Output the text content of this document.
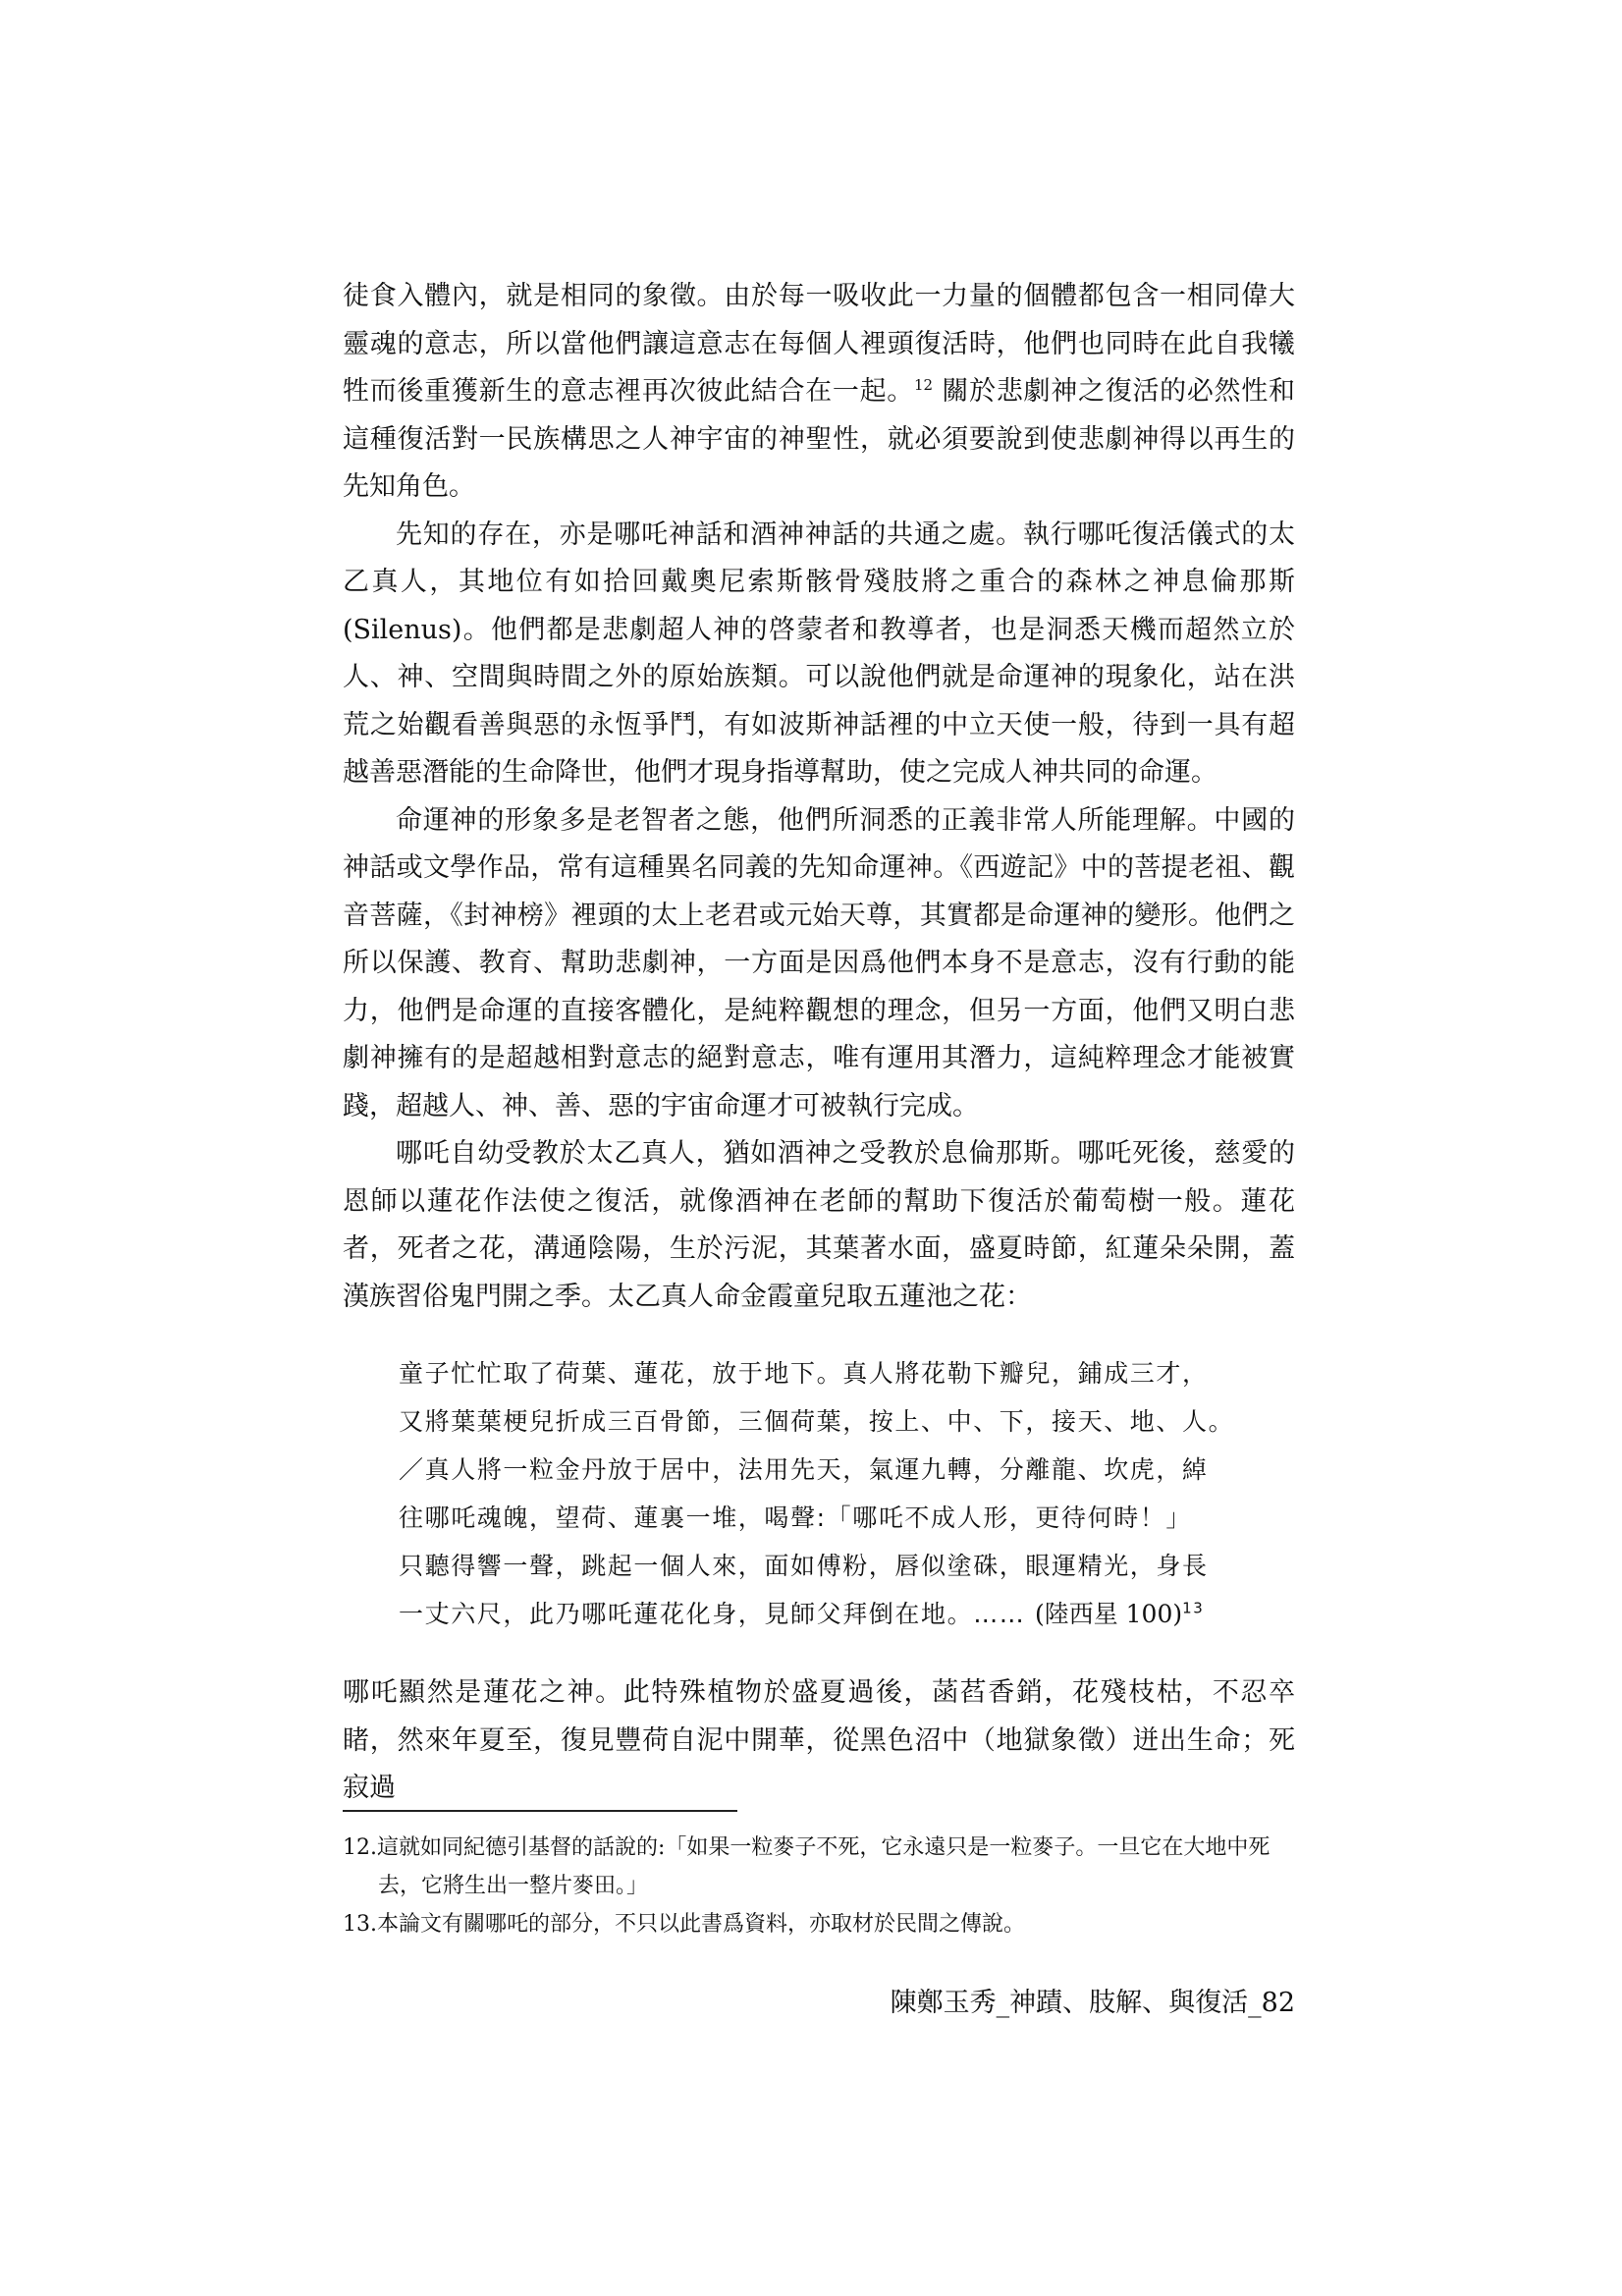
徒食入體內，就是相同的象徵。由於每一吸收此一力量的個體都包含一相同偉大靈魂的意志，所以當他們讓這意志在每個人裡頭復活時，他們也同時在此自我犧牲而後重獲新生的意志裡再次彼此結合在一起。$^{12}$ 關於悲劇神之復活的必然性和這種復活對一民族構思之人神宇宙的神聖性，就必須要說到使悲劇神得以再生的先知角色。

先知的存在，亦是哪吒神話和酒神神話的共通之處。執行哪吒復活儀式的太乙真人，其地位有如拾回戴奧尼索斯骸骨殘肢將之重合的森林之神息倫那斯(Silenus)。他們都是悲劇超人神的啓蒙者和教導者，也是洞悉天機而超然立於人、神、空間與時間之外的原始族類。可以說他們就是命運神的現象化，站在洪荒之始觀看善與惡的永恆爭鬥，有如波斯神話裡的中立天使一般，待到一具有超越善惡潛能的生命降世，他們才現身指導幫助，使之完成人神共同的命運。

命運神的形象多是老智者之態，他們所洞悉的正義非常人所能理解。中國的神話或文學作品，常有這種異名同義的先知命運神。《西遊記》中的菩提老祖、觀音菩薩，《封神榜》裡頭的太上老君或元始天尊，其實都是命運神的變形。他們之所以保護、教育、幫助悲劇神，一方面是因爲他們本身不是意志，沒有行動的能力，他們是命運的直接客體化，是純粹觀想的理念，但另一方面，他們又明白悲劇神擁有的是超越相對意志的絕對意志，唯有運用其潛力，這純粹理念才能被實踐，超越人、神、善、惡的宇宙命運才可被執行完成。

哪吒自幼受教於太乙真人，猶如酒神之受教於息倫那斯。哪吒死後，慈愛的恩師以蓮花作法使之復活，就像酒神在老師的幫助下復活於葡萄樹一般。蓮花者，死者之花，溝通陰陽，生於污泥，其葉著水面，盛夏時節，紅蓮朵朵開，蓋漢族習俗鬼門開之季。太乙真人命金霞童兒取五蓮池之花：

童子忙忙取了荷葉、蓮花，放于地下。真人將花勒下瓣兒，鋪成三才，
又將葉葉梗兒折成三百骨節，三個荷葉，按上、中、下，接天、地、人。
／真人將一粒金丹放于居中，法用先天，氣運九轉，分離龍、坎虎，綽
往哪吒魂魄，望荷、蓮裏一堆，喝聲:「哪吒不成人形，更待何時！」
只聽得響一聲，跳起一個人來，面如傅粉，唇似塗硃，眼運精光，身長
一丈六尺，此乃哪吒蓮花化身，見師父拜倒在地。…… (陸西星 100)$^{13}$

哪吒顯然是蓮花之神。此特殊植物於盛夏過後，菡萏香銷，花殘枝枯，不忍卒睹，然來年夏至，復見豐荷自泥中開華，從黑色沼中（地獄象徵）迸出生命；死寂過

12.這就如同紀德引基督的話說的:「如果一粒麥子不死，它永遠只是一粒麥子。一旦它在大地中死去，它將生出一整片麥田。」

13.本論文有關哪吒的部分，不只以此書爲資料，亦取材於民間之傳說。

陳鄭玉秀_神蹟、肢解、與復活_82
